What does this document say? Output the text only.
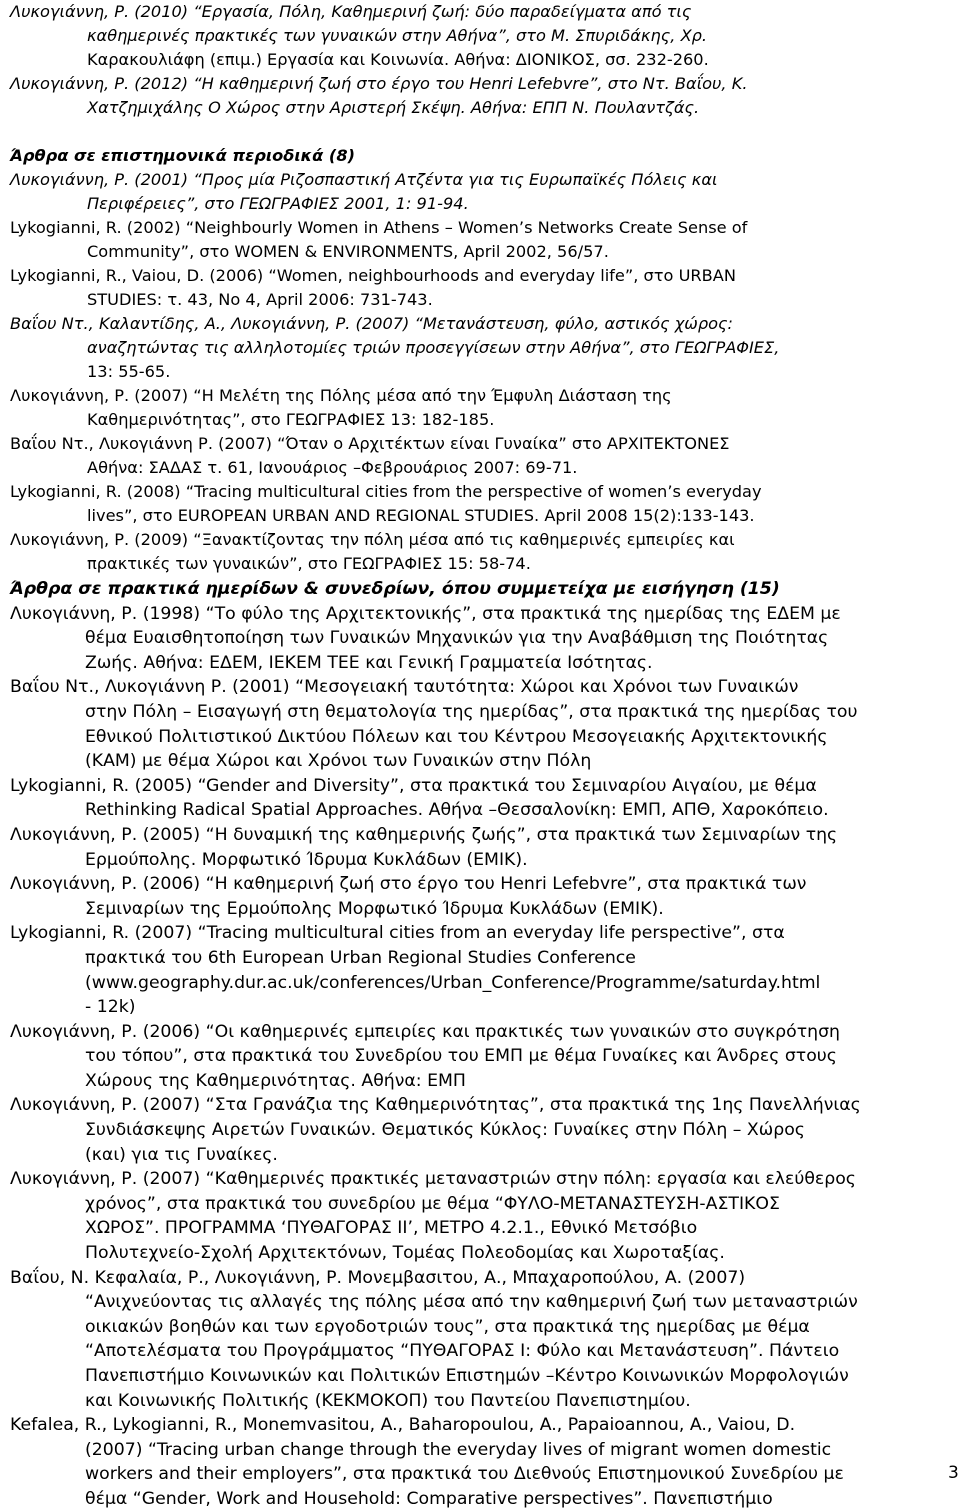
Λυκογιάννη, Ρ. (2010) “Εργασία, Πόλη, Καθημερινή ζωή: δύο παραδείγματα από τις
καθημερινές πρακτικές των γυναικών στην Αθήνα”, στο Μ. Σπυριδάκης, Χρ.
Καρακουλιάφη (επιμ.) Εργασία και Κοινωνία. Αθήνα: ΔΙΟΝΙΚΟΣ, σσ. 232-260.
Λυκογιάννη, Ρ. (2012) “Η καθημερινή ζωή στο έργο του Henri Lefebvre”, στο Ντ. Βαΐου, Κ.
Χατζημιχάλης Ο Χώρος στην Αριστερή Σκέψη. Αθήνα: ΕΠΠ Ν. Πουλαντζάς.
Άρθρα σε επιστημονικά περιοδικά (8)
Λυκογιάννη, Ρ. (2001) “Προς μία Ριζοσπαστική Ατζέντα για τις Ευρωπαϊκές Πόλεις και
Περιφέρειες”, στο ΓΕΩΓΡΑΦΙΕΣ 2001, 1: 91-94.
Lykogianni, R. (2002) “Neighbourly Women in Athens – Women’s Networks Create Sense of
Community”, στο WOMEN & ENVIRONMENTS, April 2002, 56/57.
Lykogianni, R., Vaiou, D. (2006) “Women, neighbourhoods and everyday life”, στο URBAN
STUDIES: τ. 43, No 4, April 2006: 731-743.
Βαΐου Ντ., Καλαντίδης, Α., Λυκογιάννη, Ρ. (2007) “Μετανάστευση, φύλο, αστικός χώρος:
αναζητώντας τις αλληλοτομίες τριών προσεγγίσεων στην Αθήνα”, στο ΓΕΩΓΡΑΦΙΕΣ,
13: 55-65.
Λυκογιάννη, Ρ. (2007) “Η Μελέτη της Πόλης μέσα από την Έμφυλη Διάσταση της
Καθημερινότητας”, στο ΓΕΩΓΡΑΦΙΕΣ 13: 182-185.
Βαΐου Ντ., Λυκογιάννη Ρ. (2007) “Όταν ο Αρχιτέκτων είναι Γυναίκα” στο ΑΡΧΙΤΕΚΤΟΝΕΣ
Αθήνα: ΣΑΔΑΣ τ. 61, Ιανουάριος –Φεβρουάριος 2007: 69-71.
Lykogianni, R. (2008) “Tracing multicultural cities from the perspective of women’s everyday
lives”, στο EUROPEAN URBAN AND REGIONAL STUDIES. April 2008 15(2):133-143.
Λυκογιάννη, Ρ. (2009) “Ξανακτίζοντας την πόλη μέσα από τις καθημερινές εμπειρίες και
πρακτικές των γυναικών”, στο ΓΕΩΓΡΑΦΙΕΣ 15: 58-74.
Άρθρα σε πρακτικά ημερίδων & συνεδρίων, όπου συμμετείχα με εισήγηση (15)
Λυκογιάννη, Ρ. (1998) “Το φύλο της Αρχιτεκτονικής”, στα πρακτικά της ημερίδας της ΕΔΕΜ με
θέμα Ευαισθητοποίηση των Γυναικών Μηχανικών για την Αναβάθμιση της Ποιότητας
Ζωής. Αθήνα: ΕΔΕΜ, ΙΕΚΕΜ ΤΕΕ και Γενική Γραμματεία Ισότητας.
Βαΐου Ντ., Λυκογιάννη Ρ. (2001) “Μεσογειακή ταυτότητα: Χώροι και Χρόνοι των Γυναικών
στην Πόλη – Εισαγωγή στη θεματολογία της ημερίδας”, στα πρακτικά της ημερίδας του
Εθνικού Πολιτιστικού Δικτύου Πόλεων και του Κέντρου Μεσογειακής Αρχιτεκτονικής
(ΚΑΜ) με θέμα Χώροι και Χρόνοι των Γυναικών στην Πόλη
Lykogianni, R. (2005) “Gender and Diversity”, στα πρακτικά του Σεμιναρίου Αιγαίου, με θέμα
Rethinking Radical Spatial Approaches. Αθήνα –Θεσσαλονίκη: ΕΜΠ, ΑΠΘ, Χαροκόπειο.
Λυκογιάννη, Ρ. (2005) “Η δυναμική της καθημερινής ζωής”, στα πρακτικά των Σεμιναρίων της
Ερμούπολης. Μορφωτικό Ίδρυμα Κυκλάδων (ΕΜΙΚ).
Λυκογιάννη, Ρ. (2006) “Η καθημερινή ζωή στο έργο του Henri Lefebvre”, στα πρακτικά των
Σεμιναρίων της Ερμούπολης Μορφωτικό Ίδρυμα Κυκλάδων (ΕΜΙΚ).
Lykogianni, R. (2007) “Tracing multicultural cities from an everyday life perspective”, στα
πρακτικά του 6th European Urban Regional Studies Conference
(www.geography.dur.ac.uk/conferences/Urban_Conference/Programme/saturday.html
- 12k)
Λυκογιάννη, Ρ. (2006) “Οι καθημερινές εμπειρίες και πρακτικές των γυναικών στο συγκρότηση
του τόπου”, στα πρακτικά του Συνεδρίου του ΕΜΠ με θέμα Γυναίκες και Άνδρες στους
Χώρους της Καθημερινότητας. Αθήνα: ΕΜΠ
Λυκογιάννη, Ρ. (2007) “Στα Γρανάζια της Καθημερινότητας”, στα πρακτικά της 1ης Πανελλήνιας
Συνδιάσκεψης Αιρετών Γυναικών. Θεματικός Κύκλος: Γυναίκες στην Πόλη – Χώρος
(και) για τις Γυναίκες.
Λυκογιάννη, Ρ. (2007) “Καθημερινές πρακτικές μεταναστριών στην πόλη: εργασία και ελεύθερος
χρόνος”, στα πρακτικά του συνεδρίου με θέμα “ΦΥΛΟ-ΜΕΤΑΝΑΣΤΕΥΣΗ-ΑΣΤΙΚΟΣ
ΧΩΡΟΣ”. ΠΡΟΓΡΑΜΜΑ ‘ΠΥΘΑΓΟΡΑΣ ΙΙ’, ΜΕΤΡΟ 4.2.1., Εθνικό Μετσόβιο
Πολυτεχνείο-Σχολή Αρχιτεκτόνων, Τομέας Πολεοδομίας και Χωροταξίας.
Βαΐου, Ν. Κεφαλαία, Ρ., Λυκογιάννη, Ρ. Μονεμβασιτου, Α., Μπαχαροπούλου, Α. (2007)
“Ανιχνεύοντας τις αλλαγές της πόλης μέσα από την καθημερινή ζωή των μεταναστριών
οικιακών βοηθών και των εργοδοτριών τους”, στα πρακτικά της ημερίδας με θέμα
“Αποτελέσματα του Προγράμματος “ΠΥΘΑΓΟΡΑΣ Ι: Φύλο και Μετανάστευση”. Πάντειο
Πανεπιστήμιο Κοινωνικών και Πολιτικών Επιστημών –Κέντρο Κοινωνικών Μορφολογιών
και Κοινωνικής Πολιτικής (ΚΕΚΜΟΚΟΠ) του Παντείου Πανεπιστημίου.
Kefalea, R., Lykogianni, R., Monemvasitou, A., Baharopoulou, A., Papaioannou, A., Vaiou, D.
(2007) “Tracing urban change through the everyday lives of migrant women domestic
workers and their employers”, στα πρακτικά του Διεθνούς Επιστημονικού Συνεδρίου με
θέμα “Gender, Work and Household: Comparative perspectives”. Πανεπιστήμιο
3
